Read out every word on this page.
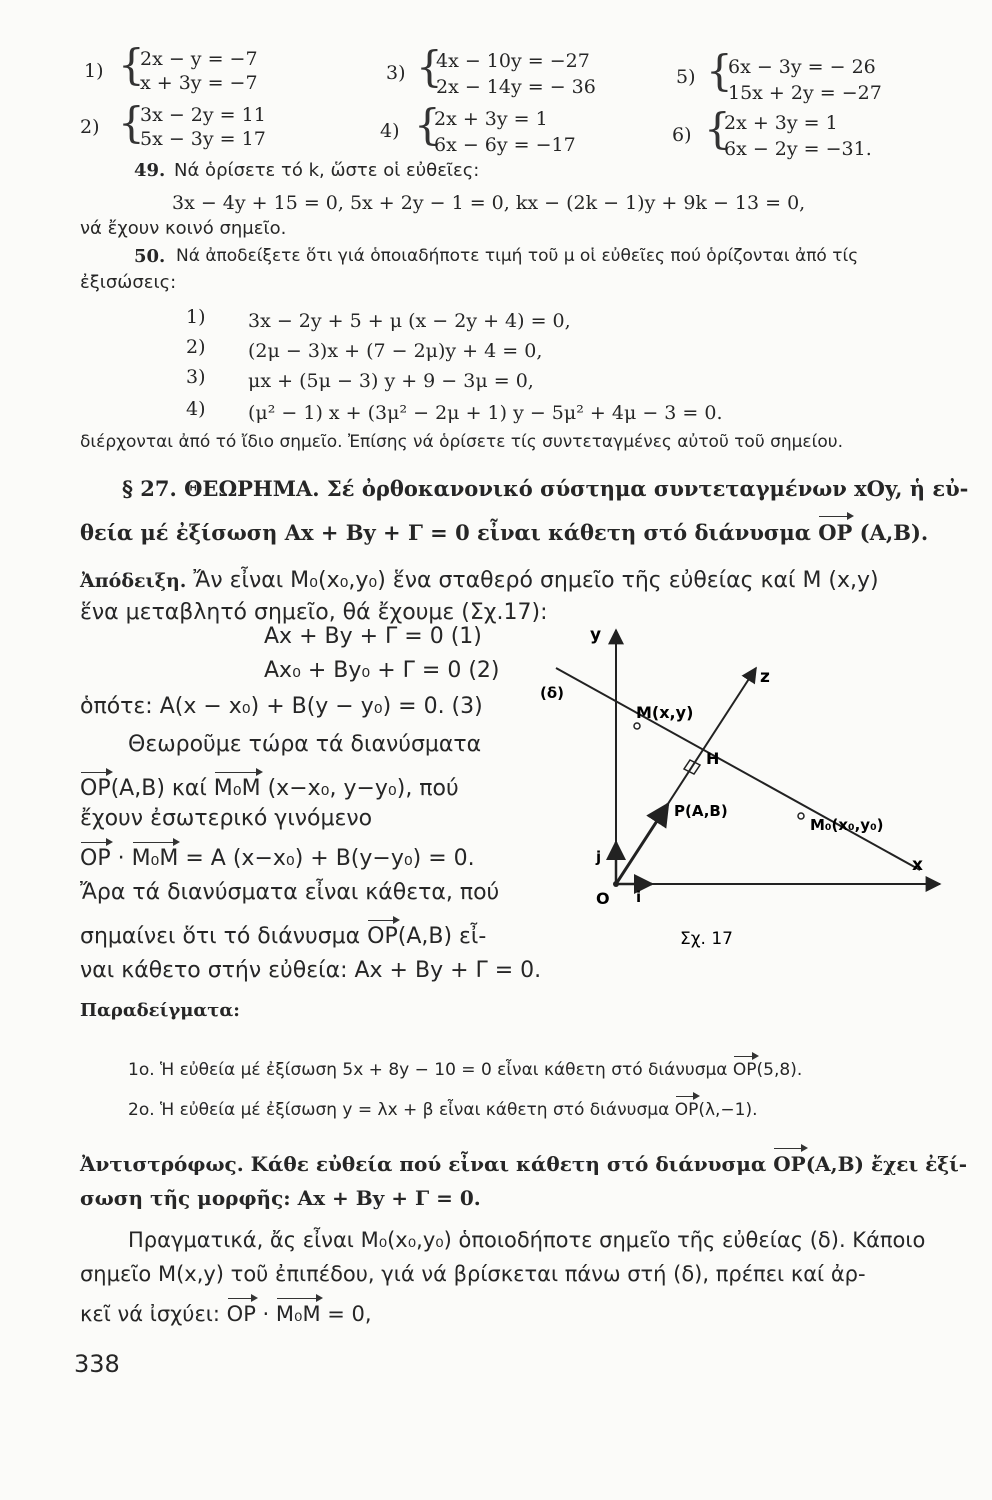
1) {
2x − y = −7
x + 3y = −7
2) {
3x − 2y = 11
5x − 3y = 17
3) {
4x − 10y = −27
2x − 14y = − 36
4) {
2x + 3y = 1
6x − 6y = −17
5) {
6x − 3y = − 26
15x + 2y = −27
6) {
2x + 3y = 1
6x − 2y = −31.
49. Νά ὁρίσετε τό k, ὥστε οἱ εὐθεῖες:
3x − 4y + 15 = 0, 5x + 2y − 1 = 0, kx − (2k − 1)y + 9k − 13 = 0,
νά ἔχουν κοινό σημεῖο.
50. Νά ἀποδείξετε ὅτι γιά ὁποιαδήποτε τιμή τοῦ μ οἱ εὐθεῖες πού ὁρίζονται ἀπό τίς
ἐξισώσεις:
1) 3x − 2y + 5 + μ (x − 2y + 4) = 0,
2) (2μ − 3)x + (7 − 2μ)y + 4 = 0,
3) μx + (5μ − 3) y + 9 − 3μ = 0,
4) (μ² − 1) x + (3μ² − 2μ + 1) y − 5μ² + 4μ − 3 = 0.
διέρχονται ἀπό τό ἴδιο σημεῖο. Ἐπίσης νά ὁρίσετε τίς συντεταγμένες αὐτοῦ τοῦ σημείου.
§ 27. ΘΕΩΡΗΜΑ. Σέ ὀρθοκανονικό σύστημα συντεταγμένων xOy, ἡ εὐ-
θεία μέ ἐξίσωση Ax + By + Γ = 0 εἶναι κάθετη στό διάνυσμα OP (A,B).
Ἀπόδειξη. Ἄν εἶναι M₀(x₀,y₀) ἕνα σταθερό σημεῖο τῆς εὐθείας καί M (x,y)
ἕνα μεταβλητό σημεῖο, θά ἔχουμε (Σχ.17):
Ax + By + Γ = 0 (1)
Ax₀ + By₀ + Γ = 0 (2)
ὁπότε: A(x − x₀) + B(y − y₀) = 0. (3)
Θεωροῦμε τώρα τά διανύσματα
OP(A,B) καί M₀M (x−x₀, y−y₀), πού
ἔχουν ἐσωτερικό γινόμενο
OP · M₀M = A (x−x₀) + B(y−y₀) = 0.
Ἄρα τά διανύσματα εἶναι κάθετα, πού
σημαίνει ὅτι τό διάνυσμα OP(A,B) εἶ-
ναι κάθετο στήν εὐθεία: Ax + By + Γ = 0.
y
x
z
(δ)
M(x,y)
H
P(A,B)
M₀(x₀,y₀)
j
i
O
Σχ. 17
Παραδείγματα:
1ο. Ἡ εὐθεία μέ ἐξίσωση 5x + 8y − 10 = 0 εἶναι κάθετη στό διάνυσμα OP(5,8).
2ο. Ἡ εὐθεία μέ ἐξίσωση y = λx + β εἶναι κάθετη στό διάνυσμα OP(λ,−1).
Ἀντιστρόφως. Κάθε εὐθεία πού εἶναι κάθετη στό διάνυσμα OP(A,B) ἔχει ἐξί-
σωση τῆς μορφῆς: Ax + By + Γ = 0.
Πραγματικά, ἄς εἶναι M₀(x₀,y₀) ὁποιοδήποτε σημεῖο τῆς εὐθείας (δ). Κάποιο
σημεῖο M(x,y) τοῦ ἐπιπέδου, γιά νά βρίσκεται πάνω στή (δ), πρέπει καί ἀρ-
κεῖ νά ἰσχύει: OP · M₀M = 0,
338
